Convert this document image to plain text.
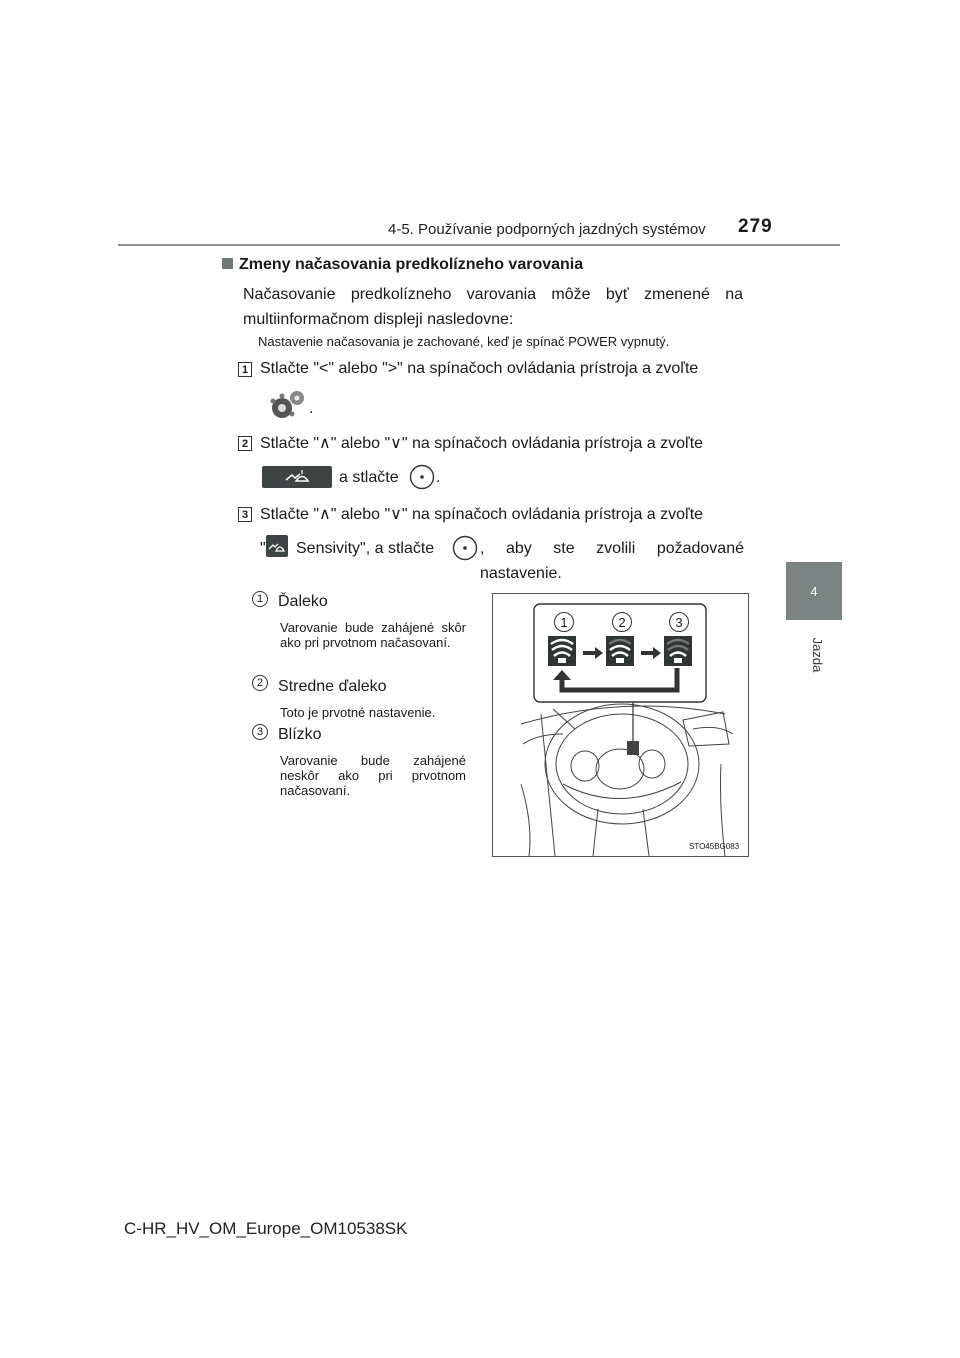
4-5. Používanie podporných jazdných systémov 279
4
Jazda
Zmeny načasovania predkolízneho varovania
Načasovanie predkolízneho varovania môže byť zmenené na multiinformačnom displeji nasledovne:
Nastavenie načasovania je zachované, keď je spínač POWER vypnutý.
1 Stlačte "<" alebo ">" na spínačoch ovládania prístroja a zvoľte
.
2 Stlačte "∧" alebo "∨" na spínačoch ovládania prístroja a zvoľte
a stlačte .
3 Stlačte "∧" alebo "∨" na spínačoch ovládania prístroja a zvoľte
" Sensivity", a stlačte	, aby ste zvolili požadované nastavenie.
1 Ďaleko
Varovanie bude zahájené skôr ako pri prvotnom načasovaní.
2 Stredne ďaleko
Toto je prvotné nastavenie.
3 Blízko
Varovanie bude zahájené neskôr ako pri prvotnom načasovaní.
1	2	3
STO45BG083
C-HR_HV_OM_Europe_OM10538SK
